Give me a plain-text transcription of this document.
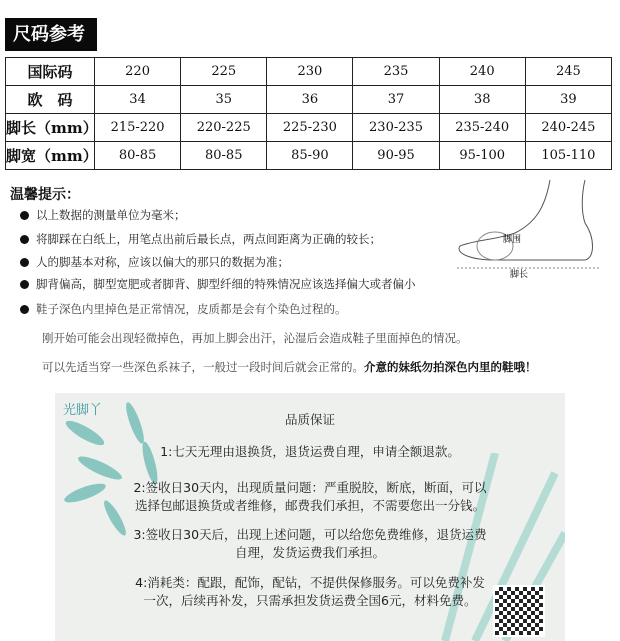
尺码参考
国际码	220	225	230	235	240	245
欧　码	34	35	36	37	38	39
脚长（mm）	215-220	220-225	225-230	230-235	235-240	240-245
脚宽（mm）	80-85	80-85	85-90	90-95	95-100	105-110
温馨提示：
以上数据的测量单位为毫米；
将脚踩在白纸上，用笔点出前后最长点，两点间距离为正确的较长；
人的脚基本对称，应该以偏大的那只的数据为准；
脚背偏高，脚型宽肥或者脚背、脚型纤细的特殊情况应该选择偏大或者偏小
鞋子深色内里掉色是正常情况，皮质都是会有个染色过程的。
刚开始可能会出现轻微掉色，再加上脚会出汗，沁湿后会造成鞋子里面掉色的情况。
可以先适当穿一些深色系袜子，一般过一段时间后就会正常的。介意的妹纸勿拍深色内里的鞋哦！
脚围
脚长
光脚丫
品质保证
1:七天无理由退换货，退货运费自理，申请全额退款。
2:签收日30天内，出现质量问题：严重脱胶，断底，断面，可以
选择包邮退换货或者维修，邮费我们承担，不需要您出一分钱。
3:签收日30天后，出现上述问题，可以给您免费维修，退货运费
自理，发货运费我们承担。
4:消耗类：配跟，配饰，配钻，不提供保修服务。可以免费补发
一次，后续再补发，只需承担发货运费全国6元，材料免费。
